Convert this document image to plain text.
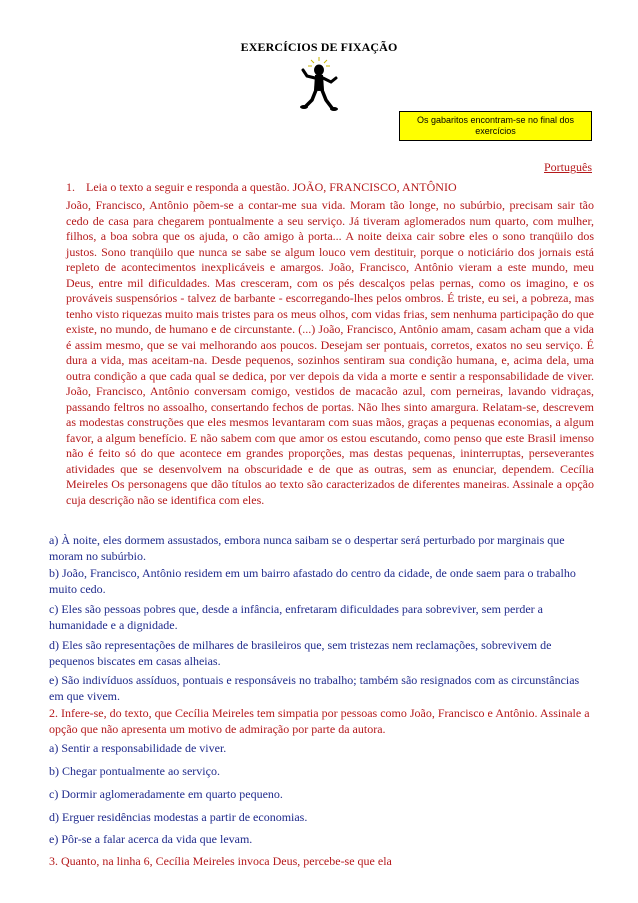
EXERCÍCIOS DE FIXAÇÃO
Os gabaritos encontram-se no final dos exercícios
Português
1. Leia o texto a seguir e responda a questão. JOÃO, FRANCISCO, ANTÔNIO
João, Francisco, Antônio põem-se a contar-me sua vida. Moram tão longe, no subúrbio, precisam sair tão cedo de casa para chegarem pontualmente a seu serviço. Já tiveram aglomerados num quarto, com mulher, filhos, a boa sobra que os ajuda, o cão amigo à porta... A noite deixa cair sobre eles o sono tranqüilo dos justos. Sono tranqüilo que nunca se sabe se algum louco vem destituir, porque o noticiário dos jornais está repleto de acontecimentos inexplicáveis e amargos. João, Francisco, Antônio vieram a este mundo, meu Deus, entre mil dificuldades. Mas cresceram, com os pés descalços pelas pernas, como os imagino, e os prováveis suspensórios - talvez de barbante - escorregando-lhes pelos ombros. É triste, eu sei, a pobreza, mas tenho visto riquezas muito mais tristes para os meus olhos, com vidas frias, sem nenhuma participação do que existe, no mundo, de humano e de circunstante. (...) João, Francisco, Antônio amam, casam acham que a vida é assim mesmo, que se vai melhorando aos poucos. Desejam ser pontuais, corretos, exatos no seu serviço. É dura a vida, mas aceitam-na. Desde pequenos, sozinhos sentiram sua condição humana, e, acima dela, uma outra condição a que cada qual se dedica, por ver depois da vida a morte e sentir a responsabilidade de viver. João, Francisco, Antônio conversam comigo, vestidos de macacão azul, com perneiras, lavando vidraças, passando feltros no assoalho, consertando fechos de portas. Não lhes sinto amargura. Relatam-se, descrevem as modestas construções que eles mesmos levantaram com suas mãos, graças a pequenas economias, a algum favor, a algum benefício. E não sabem com que amor os estou escutando, como penso que este Brasil imenso não é feito só do que acontece em grandes proporções, mas destas pequenas, ininterruptas, perseverantes atividades que se desenvolvem na obscuridade e de que as outras, sem as enunciar, dependem. Cecília Meireles Os personagens que dão títulos ao texto são caracterizados de diferentes maneiras. Assinale a opção cuja descrição não se identifica com eles.
a) À noite, eles dormem assustados, embora nunca saibam se o despertar será perturbado por marginais que moram no subúrbio.
b) João, Francisco, Antônio residem em um bairro afastado do centro da cidade, de onde saem para o trabalho muito cedo.
c) Eles são pessoas pobres que, desde a infância, enfretaram dificuldades para sobreviver, sem perder a humanidade e a dignidade.
d) Eles são representações de milhares de brasileiros que, sem tristezas nem reclamações, sobrevivem de pequenos biscates em casas alheias.
e) São indivíduos assíduos, pontuais e responsáveis no trabalho; também são resignados com as circunstâncias em que vivem.
2. Infere-se, do texto, que Cecília Meireles tem simpatia por pessoas como João, Francisco e Antônio. Assinale a opção que não apresenta um motivo de admiração por parte da autora.
a) Sentir a responsabilidade de viver.
b) Chegar pontualmente ao serviço.
c) Dormir aglomeradamente em quarto pequeno.
d) Erguer residências modestas a partir de economias.
e) Pôr-se a falar acerca da vida que levam.
3. Quanto, na linha 6, Cecília Meireles invoca Deus, percebe-se que ela
